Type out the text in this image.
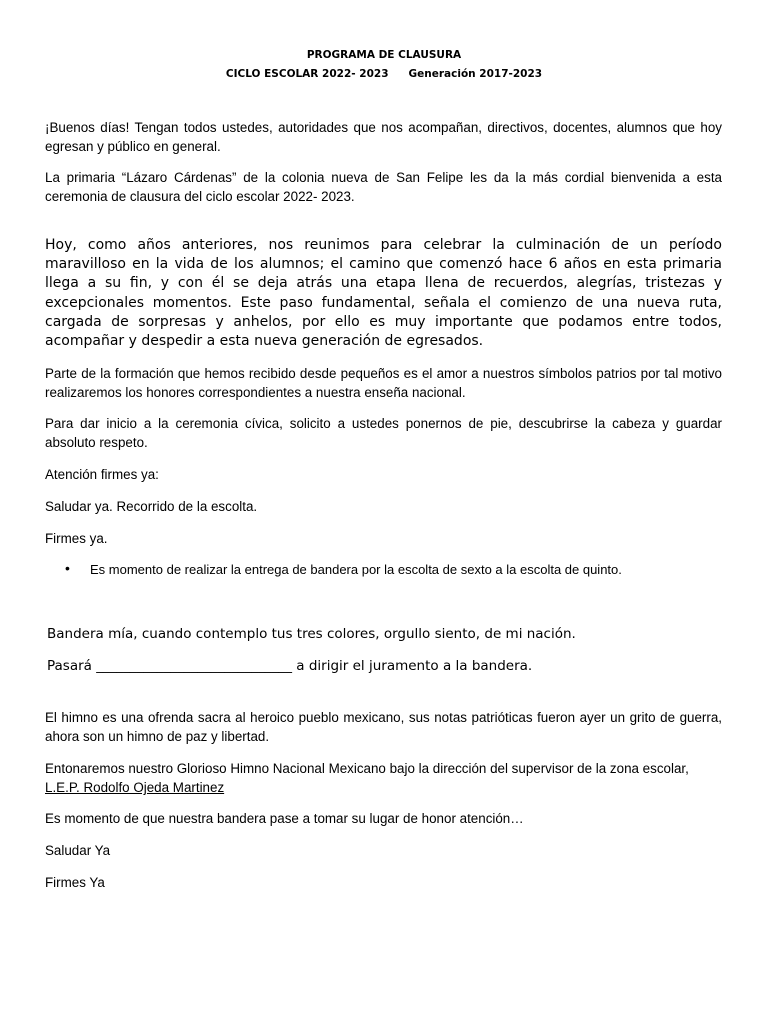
PROGRAMA DE CLAUSURA
CICLO ESCOLAR 2022- 2023 Generación 2017-2023

¡Buenos días! Tengan todos ustedes, autoridades que nos acompañan, directivos, docentes, alumnos que hoy egresan y público en general.

La primaria “Lázaro Cárdenas” de la colonia nueva de San Felipe les da la más cordial bienvenida a esta ceremonia de clausura del ciclo escolar 2022- 2023.

Hoy, como años anteriores, nos reunimos para celebrar la culminación de un período maravilloso en la vida de los alumnos; el camino que comenzó hace 6 años en esta primaria llega a su fin, y con él se deja atrás una etapa llena de recuerdos, alegrías, tristezas y excepcionales momentos. Este paso fundamental, señala el comienzo de una nueva ruta, cargada de sorpresas y anhelos, por ello es muy importante que podamos entre todos, acompañar y despedir a esta nueva generación de egresados.

Parte de la formación que hemos recibido desde pequeños es el amor a nuestros símbolos patrios por tal motivo realizaremos los honores correspondientes a nuestra enseña nacional.

Para dar inicio a la ceremonia cívica, solicito a ustedes ponernos de pie, descubrirse la cabeza y guardar absoluto respeto.

Atención firmes ya:

Saludar ya. Recorrido de la escolta.

Firmes ya.

• Es momento de realizar la entrega de bandera por la escolta de sexto a la escolta de quinto.

Bandera mía, cuando contemplo tus tres colores, orgullo siento, de mi nación.

Pasará _____________________________ a dirigir el juramento a la bandera.

El himno es una ofrenda sacra al heroico pueblo mexicano, sus notas patrióticas fueron ayer un grito de guerra, ahora son un himno de paz y libertad.

Entonaremos nuestro Glorioso Himno Nacional Mexicano bajo la dirección del supervisor de la zona escolar,
L.E.P. Rodolfo Ojeda Martinez

Es momento de que nuestra bandera pase a tomar su lugar de honor atención…

Saludar Ya

Firmes Ya
